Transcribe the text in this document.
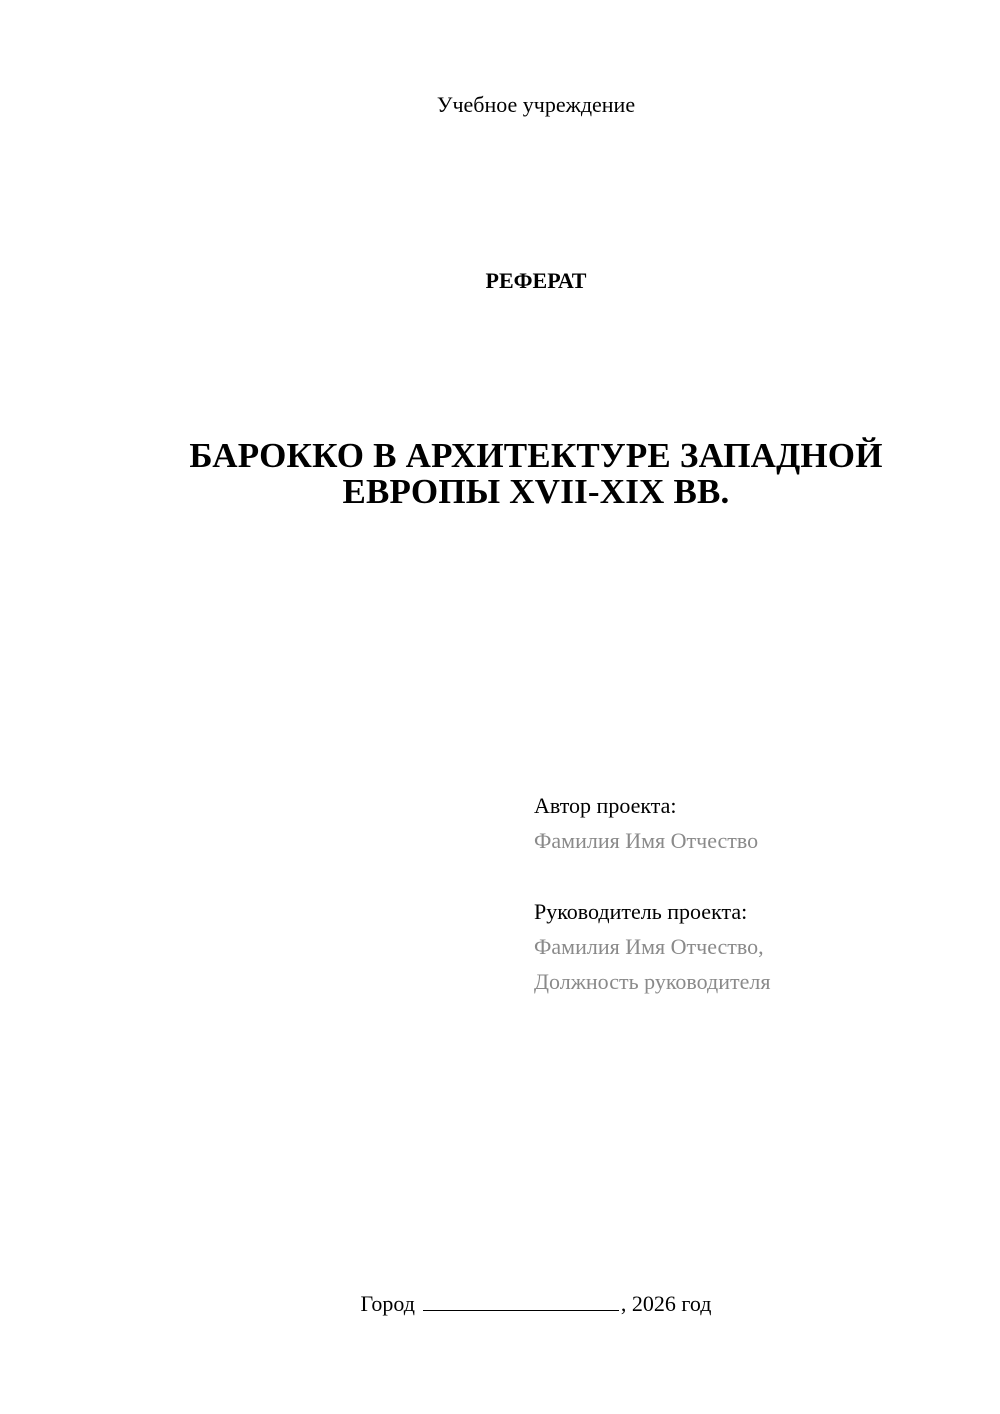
Учебное учреждение
РЕФЕРАТ
БАРОККО В АРХИТЕКТУРЕ ЗАПАДНОЙ
ЕВРОПЫ XVII-XIX ВВ.
Автор проекта:
Фамилия Имя Отчество
Руководитель проекта:
Фамилия Имя Отчество,
Должность руководителя
Город	, 2026 год
